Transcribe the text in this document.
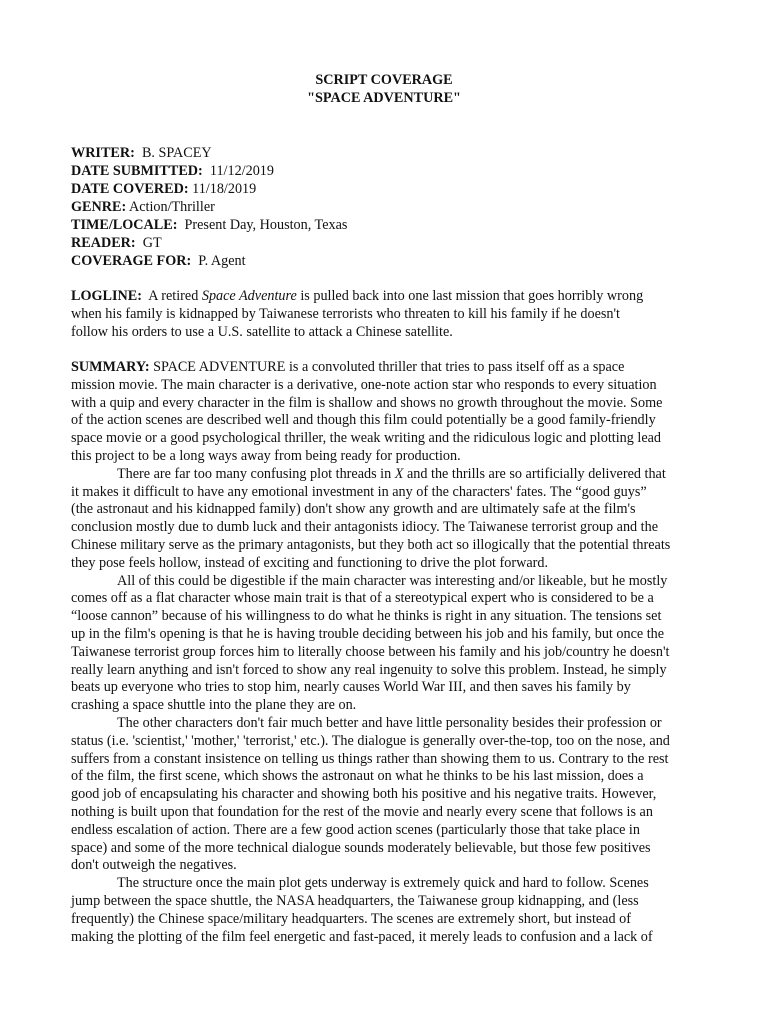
SCRIPT COVERAGE
"SPACE ADVENTURE"
WRITER: B. SPACEY
DATE SUBMITTED: 11/12/2019
DATE COVERED: 11/18/2019
GENRE: Action/Thriller
TIME/LOCALE: Present Day, Houston, Texas
READER: GT
COVERAGE FOR: P. Agent
LOGLINE: A retired Space Adventure is pulled back into one last mission that goes horribly wrong
when his family is kidnapped by Taiwanese terrorists who threaten to kill his family if he doesn't
follow his orders to use a U.S. satellite to attack a Chinese satellite.
SUMMARY: SPACE ADVENTURE is a convoluted thriller that tries to pass itself off as a space
mission movie. The main character is a derivative, one-note action star who responds to every situation
with a quip and every character in the film is shallow and shows no growth throughout the movie. Some
of the action scenes are described well and though this film could potentially be a good family-friendly
space movie or a good psychological thriller, the weak writing and the ridiculous logic and plotting lead
this project to be a long ways away from being ready for production.
There are far too many confusing plot threads in X and the thrills are so artificially delivered that
it makes it difficult to have any emotional investment in any of the characters' fates. The “good guys”
(the astronaut and his kidnapped family) don't show any growth and are ultimately safe at the film's
conclusion mostly due to dumb luck and their antagonists idiocy. The Taiwanese terrorist group and the
Chinese military serve as the primary antagonists, but they both act so illogically that the potential threats
they pose feels hollow, instead of exciting and functioning to drive the plot forward.
All of this could be digestible if the main character was interesting and/or likeable, but he mostly
comes off as a flat character whose main trait is that of a stereotypical expert who is considered to be a
“loose cannon” because of his willingness to do what he thinks is right in any situation. The tensions set
up in the film's opening is that he is having trouble deciding between his job and his family, but once the
Taiwanese terrorist group forces him to literally choose between his family and his job/country he doesn't
really learn anything and isn't forced to show any real ingenuity to solve this problem. Instead, he simply
beats up everyone who tries to stop him, nearly causes World War III, and then saves his family by
crashing a space shuttle into the plane they are on.
The other characters don't fair much better and have little personality besides their profession or
status (i.e. 'scientist,' 'mother,' 'terrorist,' etc.). The dialogue is generally over-the-top, too on the nose, and
suffers from a constant insistence on telling us things rather than showing them to us. Contrary to the rest
of the film, the first scene, which shows the astronaut on what he thinks to be his last mission, does a
good job of encapsulating his character and showing both his positive and his negative traits. However,
nothing is built upon that foundation for the rest of the movie and nearly every scene that follows is an
endless escalation of action. There are a few good action scenes (particularly those that take place in
space) and some of the more technical dialogue sounds moderately believable, but those few positives
don't outweigh the negatives.
The structure once the main plot gets underway is extremely quick and hard to follow. Scenes
jump between the space shuttle, the NASA headquarters, the Taiwanese group kidnapping, and (less
frequently) the Chinese space/military headquarters. The scenes are extremely short, but instead of
making the plotting of the film feel energetic and fast-paced, it merely leads to confusion and a lack of
